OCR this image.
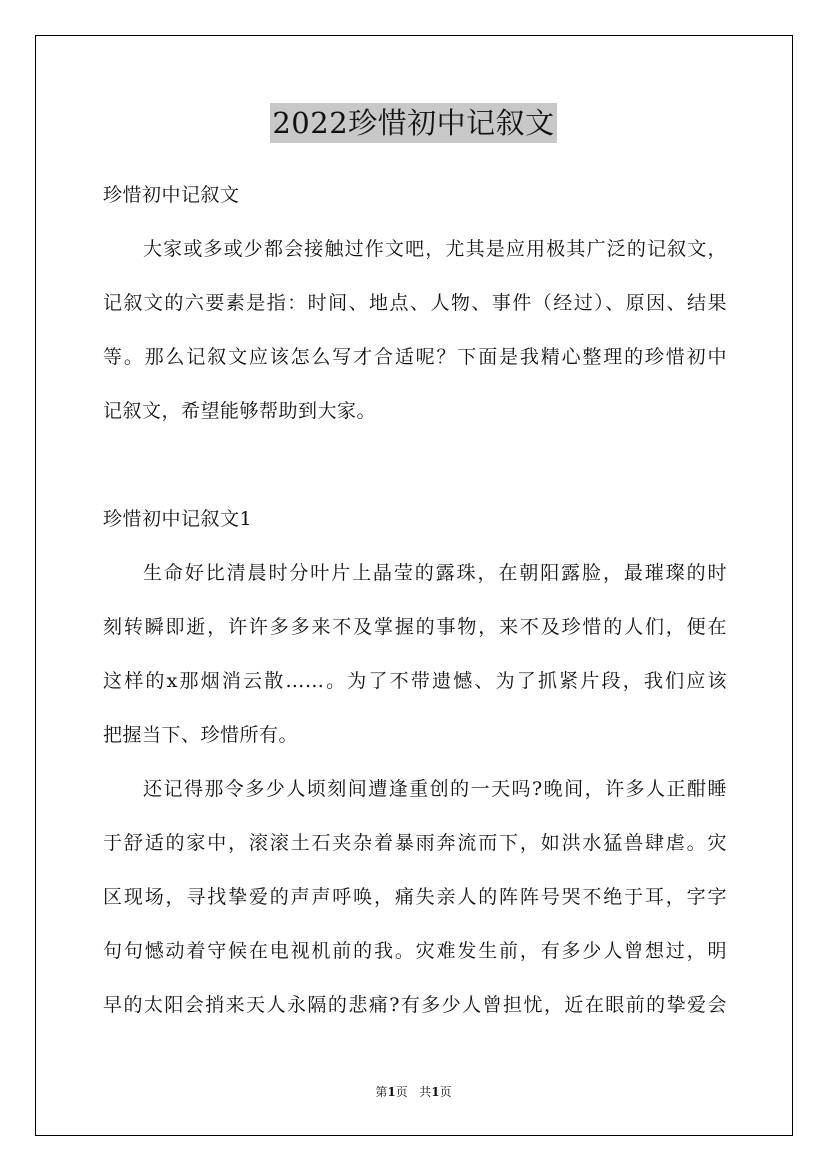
2022珍惜初中记叙文
珍惜初中记叙文
大家或多或少都会接触过作文吧，尤其是应用极其广泛的记叙文，
记叙文的六要素是指：时间、地点、人物、事件（经过）、原因、结果
等。那么记叙文应该怎么写才合适呢？下面是我精心整理的珍惜初中
记叙文，希望能够帮助到大家。
珍惜初中记叙文1
生命好比清晨时分叶片上晶莹的露珠，在朝阳露脸，最璀璨的时
刻转瞬即逝，许许多多来不及掌握的事物，来不及珍惜的人们，便在
这样的x那烟消云散……。为了不带遗憾、为了抓紧片段，我们应该
把握当下、珍惜所有。
还记得那令多少人顷刻间遭逢重创的一天吗?晚间，许多人正酣睡
于舒适的家中，滚滚土石夹杂着暴雨奔流而下，如洪水猛兽肆虐。灾
区现场，寻找挚爱的声声呼唤，痛失亲人的阵阵号哭不绝于耳，字字
句句憾动着守候在电视机前的我。灾难发生前，有多少人曾想过，明
早的太阳会捎来天人永隔的悲痛?有多少人曾担忧，近在眼前的挚爱会

第1页 共1页
